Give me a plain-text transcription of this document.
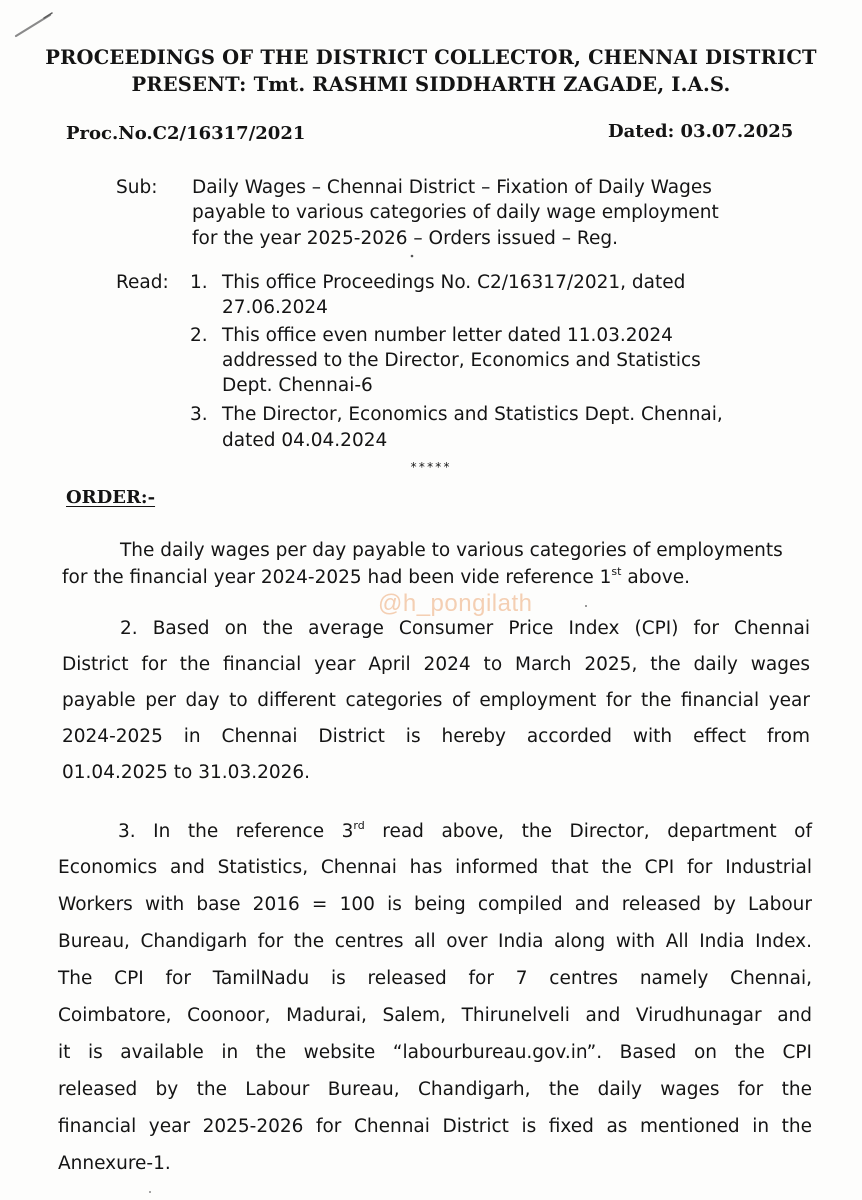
PROCEEDINGS OF THE DISTRICT COLLECTOR, CHENNAI DISTRICT
PRESENT: Tmt. RASHMI SIDDHARTH ZAGADE, I.A.S.
Proc.No.C2/16317/2021	Dated: 03.07.2025
Sub: Daily Wages – Chennai District – Fixation of Daily Wages
payable to various categories of daily wage employment
for the year 2025-2026 – Orders issued – Reg.
Read: 1. This office Proceedings No. C2/16317/2021, dated
27.06.2024
2. This office even number letter dated 11.03.2024
addressed to the Director, Economics and Statistics
Dept. Chennai-6
3. The Director, Economics and Statistics Dept. Chennai,
dated 04.04.2024
*****
ORDER:-
The daily wages per day payable to various categories of employments
for the financial year 2024-2025 had been vide reference 1st above.
@h_pongilath
2. Based on the average Consumer Price Index (CPI) for Chennai
District for the financial year April 2024 to March 2025, the daily wages
payable per day to different categories of employment for the financial year
2024-2025 in Chennai District is hereby accorded with effect from
01.04.2025 to 31.03.2026.
3. In the reference 3rd read above, the Director, department of
Economics and Statistics, Chennai has informed that the CPI for Industrial
Workers with base 2016 = 100 is being compiled and released by Labour
Bureau, Chandigarh for the centres all over India along with All India Index.
The CPI for TamilNadu is released for 7 centres namely Chennai,
Coimbatore, Coonoor, Madurai, Salem, Thirunelveli and Virudhunagar and
it is available in the website “labourbureau.gov.in”. Based on the CPI
released by the Labour Bureau, Chandigarh, the daily wages for the
financial year 2025-2026 for Chennai District is fixed as mentioned in the
Annexure-1.
